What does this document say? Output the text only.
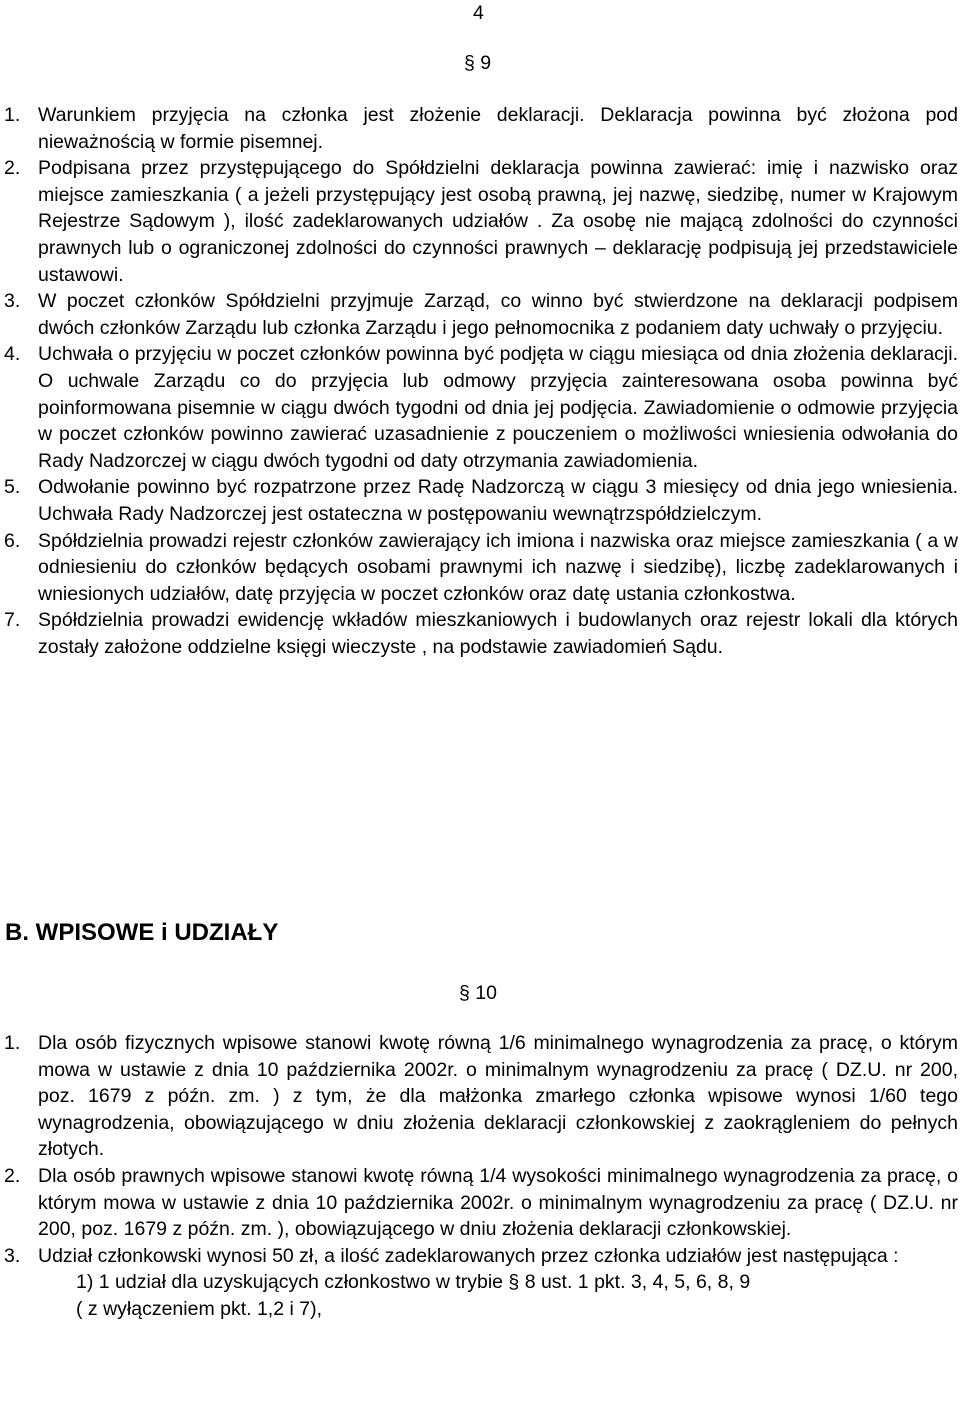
4

§ 9

1. Warunkiem przyjęcia na członka jest złożenie deklaracji. Deklaracja powinna być złożona pod nieważnością w formie pisemnej.
2. Podpisana przez przystępującego do Spółdzielni deklaracja powinna zawierać: imię i nazwisko oraz miejsce zamieszkania ( a jeżeli przystępujący jest osobą prawną, jej nazwę, siedzibę, numer w Krajowym Rejestrze Sądowym ), ilość zadeklarowanych udziałów . Za osobę nie mającą zdolności do czynności prawnych lub o ograniczonej zdolności do czynności prawnych – deklarację podpisują jej przedstawiciele ustawowi.
3. W poczet członków Spółdzielni przyjmuje Zarząd, co winno być stwierdzone na deklaracji podpisem dwóch członków Zarządu lub członka Zarządu i jego pełnomocnika z podaniem daty uchwały o przyjęciu.
4. Uchwała o przyjęciu w poczet członków powinna być podjęta w ciągu miesiąca od dnia złożenia deklaracji. O uchwale Zarządu co do przyjęcia lub odmowy przyjęcia zainteresowana osoba powinna być poinformowana pisemnie w ciągu dwóch tygodni od dnia jej podjęcia. Zawiadomienie o odmowie przyjęcia w poczet członków powinno zawierać uzasadnienie z pouczeniem o możliwości wniesienia odwołania do Rady Nadzorczej w ciągu dwóch tygodni od daty otrzymania zawiadomienia.
5. Odwołanie powinno być rozpatrzone przez Radę Nadzorczą w ciągu 3 miesięcy od dnia jego wniesienia. Uchwała Rady Nadzorczej jest ostateczna w postępowaniu wewnątrzspółdzielczym.
6. Spółdzielnia prowadzi rejestr członków zawierający ich imiona i nazwiska oraz miejsce zamieszkania ( a w odniesieniu do członków będących osobami prawnymi ich nazwę i siedzibę), liczbę zadeklarowanych i wniesionych udziałów, datę przyjęcia w poczet członków oraz datę ustania członkostwa.
7. Spółdzielnia prowadzi ewidencję wkładów mieszkaniowych i budowlanych oraz rejestr lokali dla których zostały założone oddzielne księgi wieczyste , na podstawie zawiadomień Sądu.
B. WPISOWE i UDZIAŁY

§ 10

1. Dla osób fizycznych wpisowe stanowi kwotę równą 1/6 minimalnego wynagrodzenia za pracę, o którym mowa w ustawie z dnia 10 października 2002r. o minimalnym wynagrodzeniu za pracę ( DZ.U. nr 200, poz. 1679 z późn. zm. ) z tym, że dla małżonka zmarłego członka wpisowe wynosi 1/60 tego wynagrodzenia, obowiązującego w dniu złożenia deklaracji członkowskiej z zaokrągleniem do pełnych złotych.
2. Dla osób prawnych wpisowe stanowi kwotę równą 1/4 wysokości minimalnego wynagrodzenia za pracę, o którym mowa w ustawie z dnia 10 października 2002r. o minimalnym wynagrodzeniu za pracę ( DZ.U. nr 200, poz. 1679 z późn. zm. ), obowiązującego w dniu złożenia deklaracji członkowskiej.
3. Udział członkowski wynosi 50 zł, a ilość zadeklarowanych przez członka udziałów jest następująca :
1) 1 udział dla uzyskujących członkostwo w trybie § 8 ust. 1 pkt. 3, 4, 5, 6, 8, 9
( z wyłączeniem pkt. 1,2 i 7),
